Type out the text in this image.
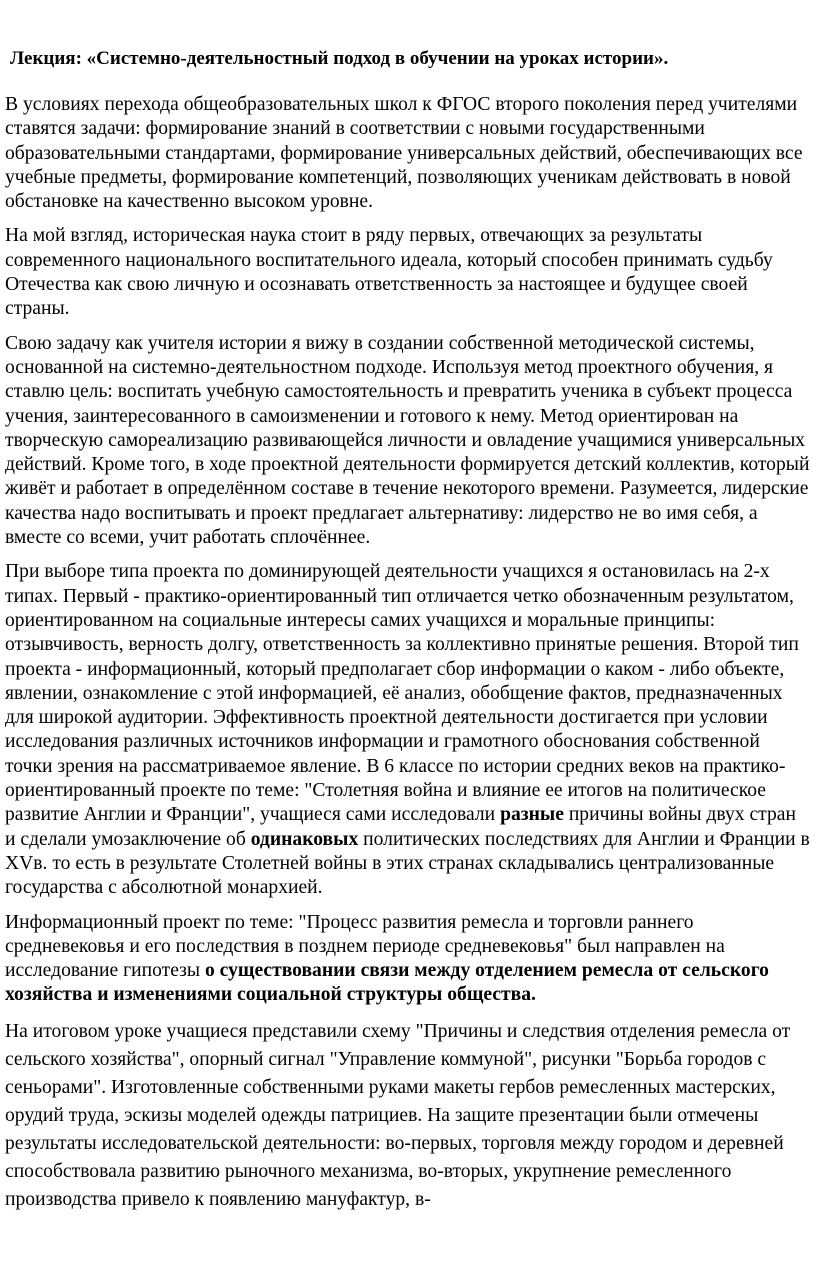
Лекция: «Системно-деятельностный подход в обучении на уроках истории».

В условиях перехода общеобразовательных школ к ФГОС второго поколения перед учителями ставятся задачи: формирование знаний в соответствии с новыми государственными образовательными стандартами, формирование универсальных действий, обеспечивающих все учебные предметы, формирование компетенций, позволяющих ученикам действовать в новой обстановке на качественно высоком уровне.

На мой взгляд, историческая наука стоит в ряду первых, отвечающих за результаты современного национального воспитательного идеала, который способен принимать судьбу Отечества как свою личную и осознавать ответственность за настоящее и будущее своей страны.

Свою задачу как учителя истории я вижу в создании собственной методической системы, основанной на системно-деятельностном подходе. Используя метод проектного обучения, я ставлю цель: воспитать учебную самостоятельность и превратить ученика в субъект процесса учения, заинтересованного в самоизменении и готового к нему. Метод ориентирован на творческую самореализацию развивающейся личности и овладение учащимися универсальных действий. Кроме того, в ходе проектной деятельности формируется детский коллектив, который живёт и работает в определённом составе в течение некоторого времени. Разумеется, лидерские качества надо воспитывать и проект предлагает альтернативу: лидерство не во имя себя, а вместе со всеми, учит работать сплочённее.

При выборе типа проекта по доминирующей деятельности учащихся я остановилась на 2-х типах. Первый - практико-ориентированный тип отличается четко обозначенным результатом, ориентированном на социальные интересы самих учащихся и моральные принципы: отзывчивость, верность долгу, ответственность за коллективно принятые решения. Второй тип проекта - информационный, который предполагает сбор информации о каком - либо объекте, явлении, ознакомление с этой информацией, её анализ, обобщение фактов, предназначенных для широкой аудитории. Эффективность проектной деятельности достигается при условии исследования различных источников информации и грамотного обоснования собственной точки зрения на рассматриваемое явление. В 6 классе по истории средних веков на практико-ориентированный проекте по теме: "Столетняя война и влияние ее итогов на политическое развитие Англии и Франции", учащиеся сами исследовали разные причины войны двух стран и сделали умозаключение об одинаковых политических последствиях для Англии и Франции в XVв. то есть в результате Столетней войны в этих странах складывались централизованные государства с абсолютной монархией.

Информационный проект по теме: "Процесс развития ремесла и торговли раннего средневековья и его последствия в позднем периоде средневековья" был направлен на исследование гипотезы о существовании связи между отделением ремесла от сельского хозяйства и изменениями социальной структуры общества.

На итоговом уроке учащиеся представили схему "Причины и следствия отделения ремесла от сельского хозяйства", опорный сигнал "Управление коммуной", рисунки "Борьба городов с сеньорами". Изготовленные собственными руками макеты гербов ремесленных мастерских, орудий труда, эскизы моделей одежды патрициев. На защите презентации были отмечены результаты исследовательской деятельности: во-первых, торговля между городом и деревней способствовала развитию рыночного механизма, во-вторых, укрупнение ремесленного производства привело к появлению мануфактур, в-
